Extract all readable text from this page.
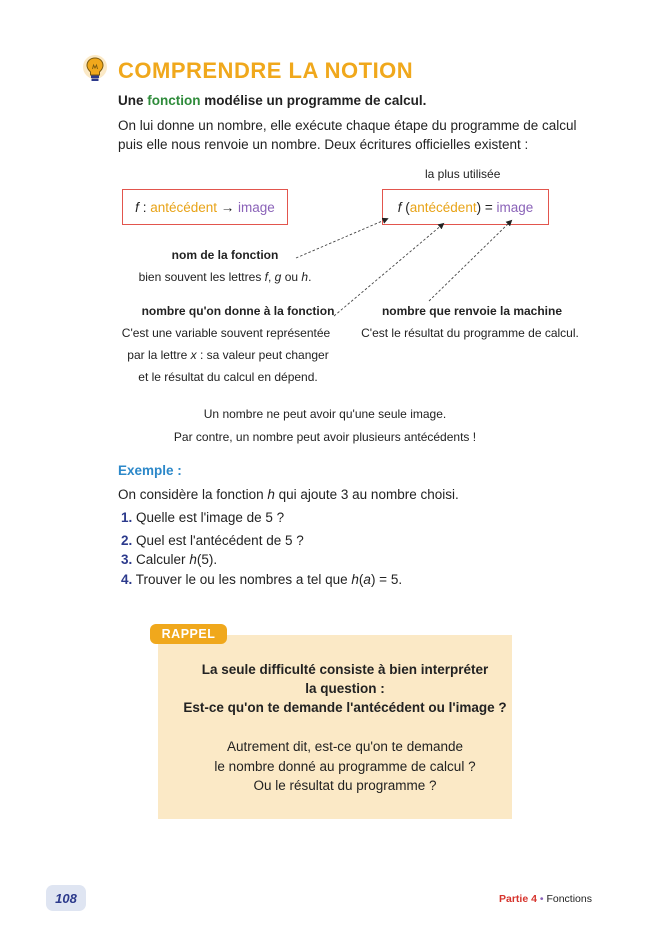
COMPRENDRE LA NOTION
Une fonction modélise un programme de calcul.
On lui donne un nombre, elle exécute chaque étape du programme de calcul
puis elle nous renvoie un nombre. Deux écritures officielles existent :
la plus utilisée
f : antécédent → image	f ( antécédent ) = image
nom de la fonction
bien souvent les lettres f, g ou h.
nombre qu'on donne à la fonction
C'est une variable souvent représentée
par la lettre x : sa valeur peut changer
et le résultat du calcul en dépend.
nombre que renvoie la machine
C'est le résultat du programme de calcul.
Un nombre ne peut avoir qu'une seule image.
Par contre, un nombre peut avoir plusieurs antécédents !
Exemple :
On considère la fonction h qui ajoute 3 au nombre choisi.
1. Quelle est l'image de 5 ?
2. Quel est l'antécédent de 5 ?
3. Calculer h(5).
4. Trouver le ou les nombres a tel que h(a) = 5.
RAPPEL
La seule difficulté consiste à bien interpréter
la question :
Est-ce qu'on te demande l'antécédent ou l'image ?
Autrement dit, est-ce qu'on te demande
le nombre donné au programme de calcul ?
Ou le résultat du programme ?
108	Partie 4 • Fonctions
